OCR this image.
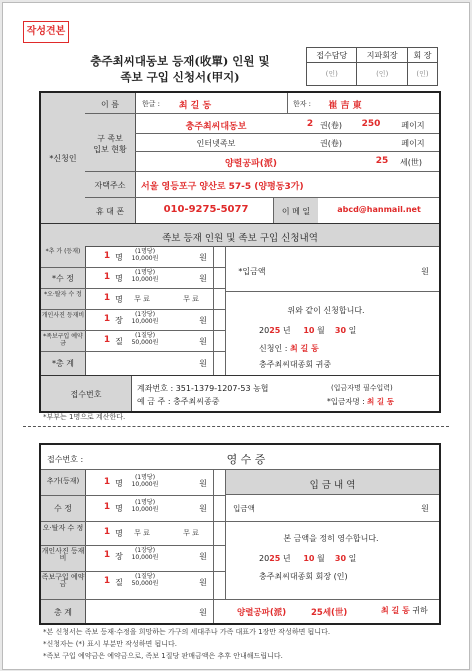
작성견본
충주최씨대동보 등재(收單) 인원 및
족보 구입 신청서(甲지)
접수담당	지파회장	회 장
(인)	(인)	(인)
*신청인
이 름	한글 :	최 길 동	한자 :	崔 吉 東
구 족보
입보 현황
충주최씨대동보	2 권(卷)	250	페이지
인터넷족보	권(卷)	페이지
양렬공파(派)	25	세(世)
자택주소	서울 영등포구 양산로 57-5 (양평동3가)
휴 대 폰	010-9275-5077	이 메 일	abcd@hanmail.net
족보 등재 인원 및 족보 구입 신청내역
*추 가 (등재)	1 명
(1명당)
10,000원	원
*수 정	1 명
(1명당)
10,000원	원
*오·탈자 수 정	1 명	무 료	무 료
개인사진 등재비	1 장
(1장당)
10,000원	원
*족보구입 예약금	1 질
(1질당)
50,000원	원
*총 계	원
*입금액	원
위와 같이 신청합니다.
2025 년 10 월 30 일
신청인 : 최 길 동
충주최씨대종회 귀중
접수번호
계좌번호 : 351-1379-1207-53 농협
예 금 주 : 충주최씨종중
(입금자명 필수입력)
*입금자명 : 최 길 동
*부부는 1명으로 계산한다.
접수번호 :	영 수 증
입 금 내 역
추가(등재)	1 명
(1명당)
10,000원	원
수 정	1 명
(1명당)
10,000원	원	입금액	원
오·탈자 수 정	1 명	무 료	무 료
개인사진 등재비	1 장
(1장당)
10,000원	원
족보구입 예약금	1 질
(1질당)
50,000원	원
본 금액을 정히 영수합니다.
2025 년 10 월 30 일
충주최씨대종회 회장 (인)
총 계	원	양렬공파(派)	25세(世)	최 길 동 귀하
*본 신청서는 족보 등재·수정을 희망하는 가구의 세대주나 가족 대표가 1장만 작성하면 됩니다.
*신청자는 (*) 표시 부분만 작성하면 됩니다.
*족보 구입 예약금은 예약금으로, 족보 1질당 판매금액은 추후 안내해드립니다.
